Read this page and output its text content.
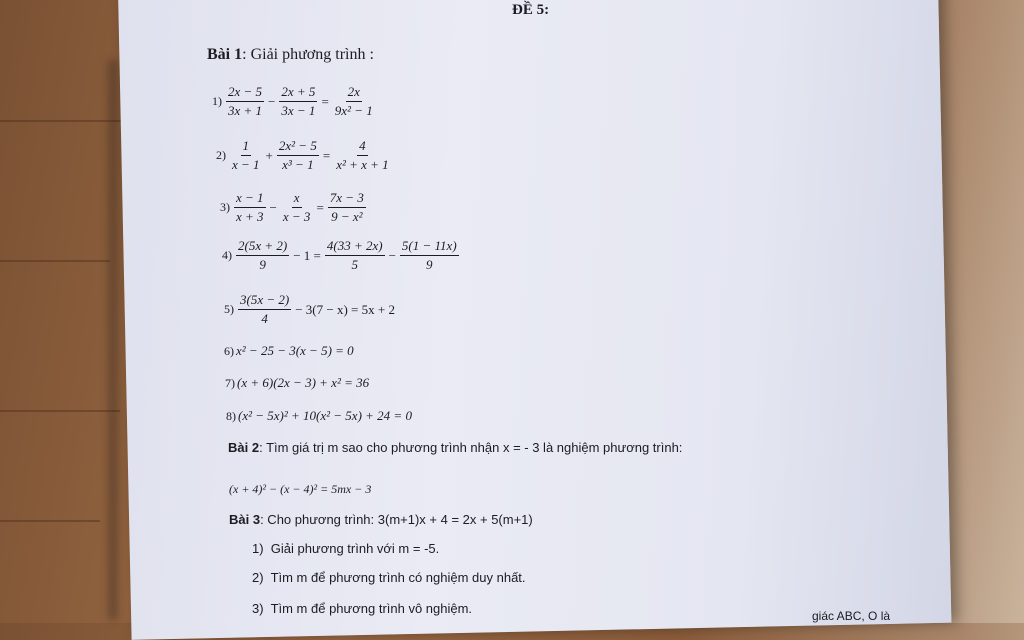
ĐỀ 5:
Bài 1: Giải phương trình :
$1) \frac{2x - 5}{3x + 1} - \frac{2x + 5}{3x - 1} = \frac{2x}{\text{9x² − 1}}$
$2) \frac{1}{x - 1} + \frac{\text{2x² − 5}}{\text{x³ − 1}} = \frac{4}{\text{x² + x + 1}}$
$3) \frac{x - 1}{x + 3} - \frac{x}{x - 3} = \frac{7x - 3}{\text{9 − x²}}$
$4) \frac{2(5x + 2)}{9} - 1 = \frac{4(33 + 2x)}{5} - \frac{5(1 - 11x)}{9}$
$5) \frac{3(5x - 2)}{4} - 3(7 - x) = 5x + 2$
6) x² − 25 − 3(x − 5) = 0
7) (x + 6)(2x − 3) + x² = 36
8) (x² − 5x)² + 10(x² − 5x) + 24 = 0
Bài 2: Tìm giá trị m sao cho phương trình nhận x = - 3 là nghiệm phương trình:
(x + 4)² − (x − 4)² = 5mx − 3
Bài 3: Cho phương trình: 3(m+1)x + 4 = 2x + 5(m+1)
1) Giải phương trình với m = -5.
2) Tìm m để phương trình có nghiệm duy nhất.
3) Tìm m để phương trình vô nghiệm.	giác ABC, O là
